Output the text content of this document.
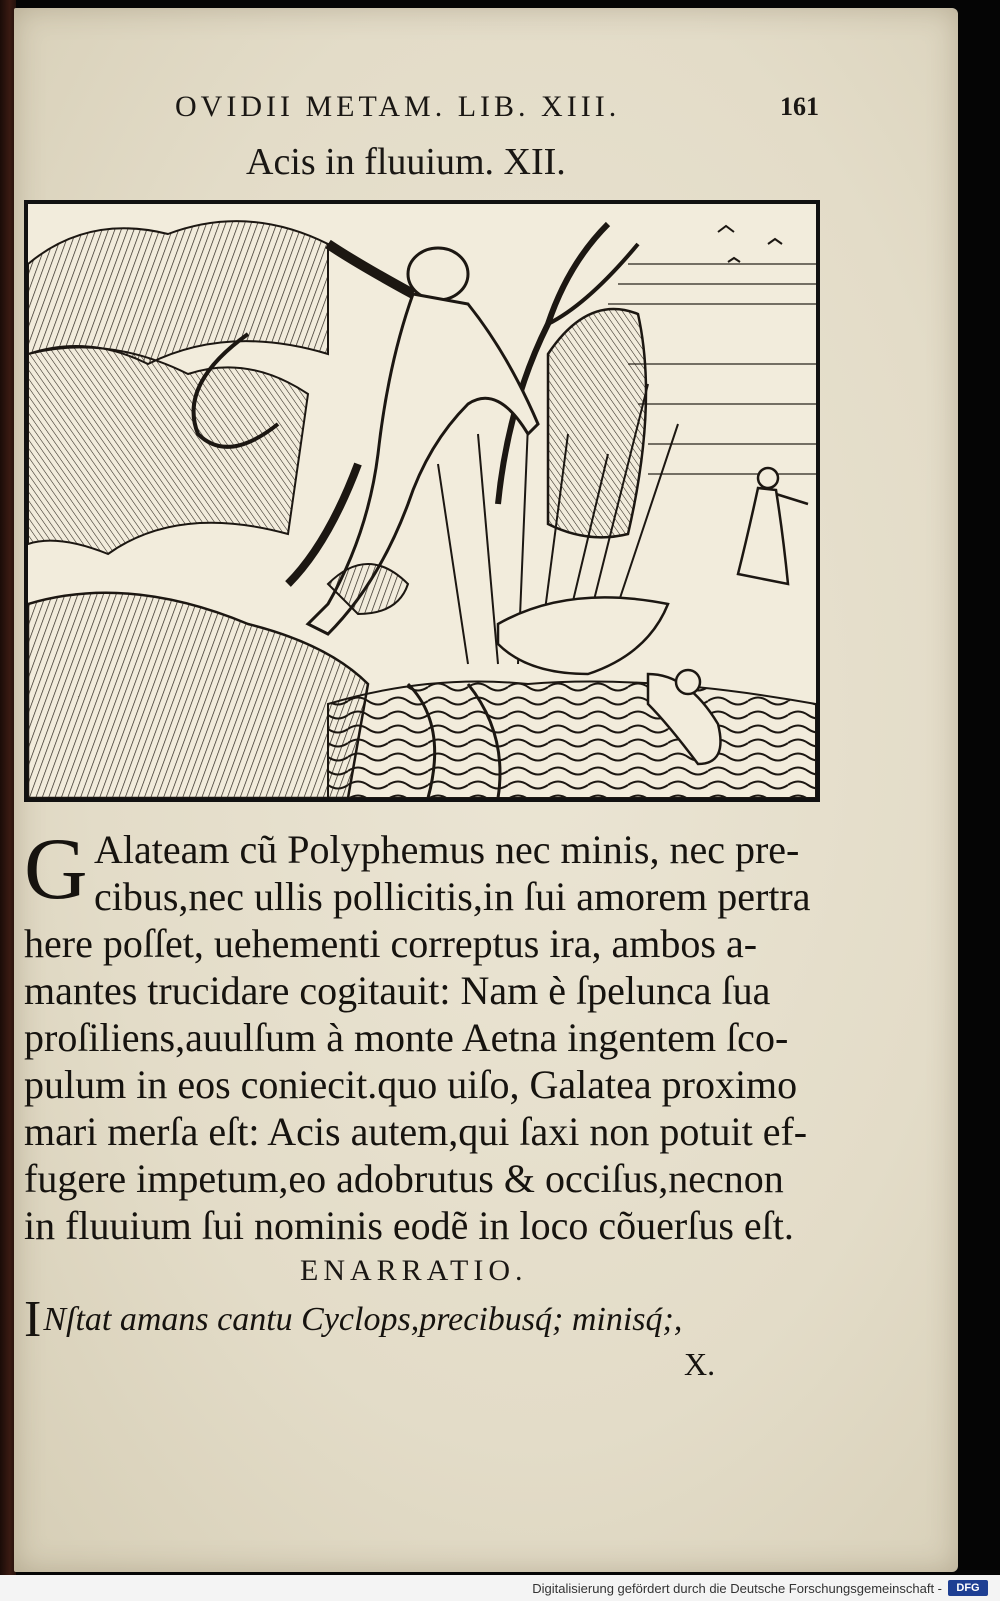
OVIDII METAM. LIB. XIII.	161
Acis in fluuium. XII.
G Alateam cũ Polyphemus nec minis, nec pre-
cibus,nec ullis pollicitis,in ſui amorem pertra
here poſſet, uehementi correptus ira, ambos a-
mantes trucidare cogitauit: Nam è ſpelunca ſua
proſiliens,auulſum à monte Aetna ingentem ſco-
pulum in eos coniecit.quo uiſo, Galatea proximo
mari merſa eſt: Acis autem,qui ſaxi non potuit ef-
fugere impetum,eo adobrutus & occiſus,necnon
in fluuium ſui nominis eodẽ in loco cõuerſus eſt.
ENARRATIO.
INſtat amans cantu Cyclops,precibusq́; minisq́;,
X.
Digitalisierung gefördert durch die Deutsche Forschungsgemeinschaft -	DFG
